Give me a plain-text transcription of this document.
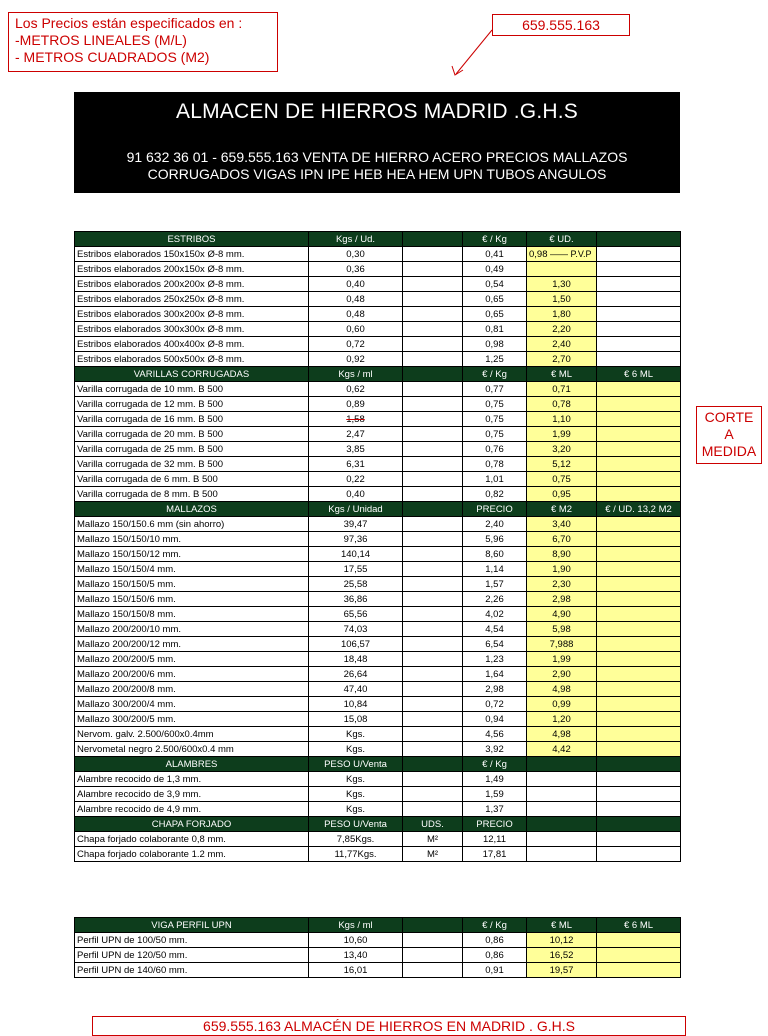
Los Precios están especificados en :
-METROS LINEALES (M/L)
- METROS CUADRADOS (M2)
659.555.163
ALMACEN DE HIERROS MADRID .G.H.S
91 632 36 01 - 659.555.163 VENTA DE HIERRO ACERO PRECIOS MALLAZOS
CORRUGADOS VIGAS IPN IPE HEB HEA HEM UPN TUBOS ANGULOS
CORTE
A
MEDIDA
ESTRIBOS	Kgs / Ud.		€ / Kg	€ UD.	
Estribos elaborados 150x150x Ø-8 mm.	0,30		0,41	0,98 —— P.V.P	
Estribos elaborados 200x150x Ø-8 mm.	0,36		0,49		
Estribos elaborados 200x200x Ø-8 mm.	0,40		0,54	1,30	
Estribos elaborados 250x250x Ø-8 mm.	0,48		0,65	1,50	
Estribos elaborados 300x200x Ø-8 mm.	0,48		0,65	1,80	
Estribos elaborados 300x300x Ø-8 mm.	0,60		0,81	2,20	
Estribos elaborados 400x400x Ø-8 mm.	0,72		0,98	2,40	
Estribos elaborados 500x500x Ø-8 mm.	0,92		1,25	2,70	
VARILLAS CORRUGADAS	Kgs / ml		€ / Kg	€ ML	€ 6 ML
Varilla corrugada de 10 mm. B 500	0,62		0,77	0,71	
Varilla corrugada de 12 mm. B 500	0,89		0,75	0,78	
Varilla corrugada de 16 mm. B 500	1,58		0,75	1,10	
Varilla corrugada de 20 mm. B 500	2,47		0,75	1,99	
Varilla corrugada de 25 mm. B 500	3,85		0,76	3,20	
Varilla corrugada de 32 mm. B 500	6,31		0,78	5,12	
Varilla corrugada de 6 mm. B 500	0,22		1,01	0,75	
Varilla corrugada de 8 mm. B 500	0,40		0,82	0,95	
MALLAZOS	Kgs / Unidad		PRECIO	€ M2	€ / UD. 13,2 M2
Mallazo 150/150.6 mm (sin ahorro)	39,47		2,40	3,40	
Mallazo 150/150/10 mm.	97,36		5,96	6,70	
Mallazo 150/150/12 mm.	140,14		8,60	8,90	
Mallazo 150/150/4 mm.	17,55		1,14	1,90	
Mallazo 150/150/5 mm.	25,58		1,57	2,30	
Mallazo 150/150/6 mm.	36,86		2,26	2,98	
Mallazo 150/150/8 mm.	65,56		4,02	4,90	
Mallazo 200/200/10 mm.	74,03		4,54	5,98	
Mallazo 200/200/12 mm.	106,57		6,54	7,988	
Mallazo 200/200/5 mm.	18,48		1,23	1,99	
Mallazo 200/200/6 mm.	26,64		1,64	2,90	
Mallazo 200/200/8 mm.	47,40		2,98	4,98	
Mallazo 300/200/4 mm.	10,84		0,72	0,99	
Mallazo 300/200/5 mm.	15,08		0,94	1,20	
Nervom. galv. 2.500/600x0.4mm	Kgs.		4,56	4,98	
Nervometal negro 2.500/600x0.4 mm	Kgs.		3,92	4,42	
ALAMBRES	PESO U/Venta		€ / Kg		
Alambre recocido de 1,3 mm.	Kgs.		1,49		
Alambre recocido de 3,9 mm.	Kgs.		1,59		
Alambre recocido de 4,9 mm.	Kgs.		1,37		
CHAPA FORJADO	PESO U/Venta	UDS.	PRECIO		
Chapa forjado colaborante 0,8 mm.	7,85Kgs.	M²	12,11		
Chapa forjado colaborante 1.2 mm.	11,77Kgs.	M²	17,81		
VIGA PERFIL UPN	Kgs / ml		€ / Kg	€ ML	€ 6 ML
Perfil UPN de 100/50 mm.	10,60		0,86	10,12	
Perfil UPN de 120/50 mm.	13,40		0,86	16,52	
Perfil UPN de 140/60 mm.	16,01		0,91	19,57	
659.555.163 ALMACÉN DE HIERROS EN MADRID . G.H.S
